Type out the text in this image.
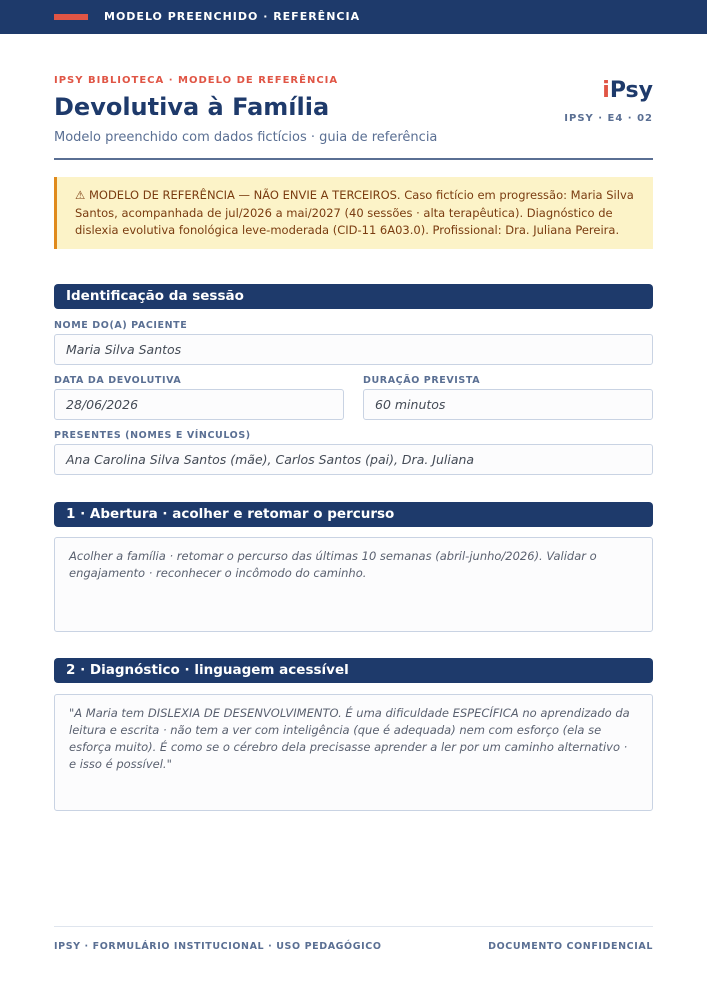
MODELO PREENCHIDO · REFERÊNCIA
IPSY BIBLIOTECA · MODELO DE REFERÊNCIA
Devolutiva à Família
Modelo preenchido com dados fictícios · guia de referência
iPsy
IPSY · E4 · 02
⚠ MODELO DE REFERÊNCIA — NÃO ENVIE A TERCEIROS. Caso fictício em progressão: Maria Silva Santos, acompanhada de jul/2026 a mai/2027 (40 sessões · alta terapêutica). Diagnóstico de dislexia evolutiva fonológica leve-moderada (CID-11 6A03.0). Profissional: Dra. Juliana Pereira.
Identificação da sessão
NOME DO(A) PACIENTE
Maria Silva Santos
DATA DA DEVOLUTIVA
28/06/2026
DURAÇÃO PREVISTA
60 minutos
PRESENTES (NOMES E VÍNCULOS)
Ana Carolina Silva Santos (mãe), Carlos Santos (pai), Dra. Juliana
1 · Abertura · acolher e retomar o percurso
Acolher a família · retomar o percurso das últimas 10 semanas (abril-junho/2026). Validar o engajamento · reconhecer o incômodo do caminho.
2 · Diagnóstico · linguagem acessível
"A Maria tem DISLEXIA DE DESENVOLVIMENTO. É uma dificuldade ESPECÍFICA no aprendizado da leitura e escrita · não tem a ver com inteligência (que é adequada) nem com esforço (ela se esforça muito). É como se o cérebro dela precisasse aprender a ler por um caminho alternativo · e isso é possível."
IPSY · FORMULÁRIO INSTITUCIONAL · USO PEDAGÓGICO	DOCUMENTO CONFIDENCIAL
